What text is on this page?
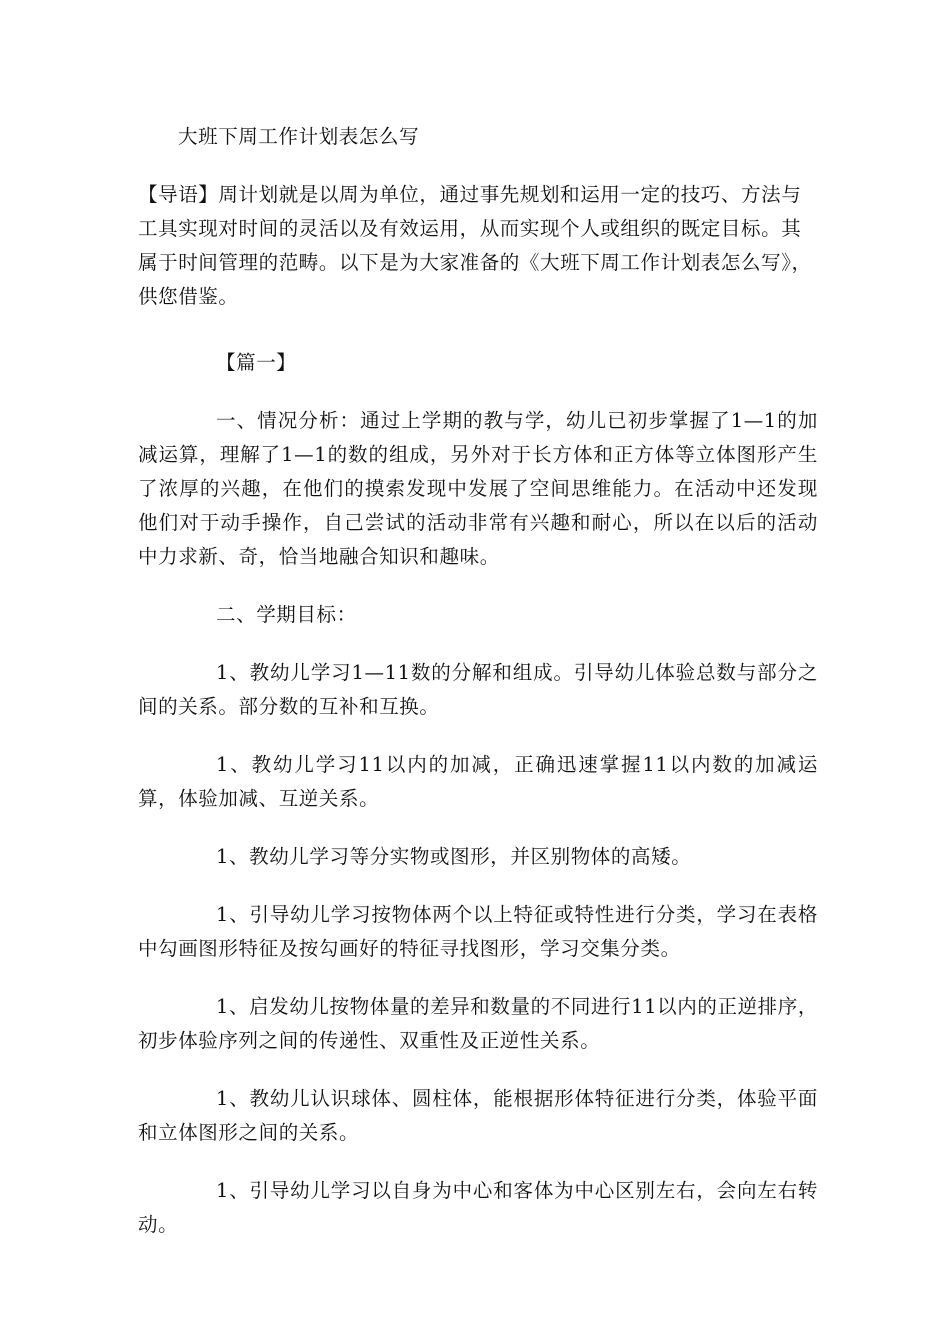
大班下周工作计划表怎么写

【导语】周计划就是以周为单位，通过事先规划和运用一定的技巧、方法与工具实现对时间的灵活以及有效运用，从而实现个人或组织的既定目标。其属于时间管理的范畴。以下是为大家准备的《大班下周工作计划表怎么写》，供您借鉴。

【篇一】

一、情况分析：通过上学期的教与学，幼儿已初步掌握了1—1的加减运算，理解了1—1的数的组成，另外对于长方体和正方体等立体图形产生了浓厚的兴趣，在他们的摸索发现中发展了空间思维能力。在活动中还发现他们对于动手操作，自己尝试的活动非常有兴趣和耐心，所以在以后的活动中力求新、奇，恰当地融合知识和趣味。

二、学期目标：

1、教幼儿学习1—11数的分解和组成。引导幼儿体验总数与部分之间的关系。部分数的互补和互换。

1、教幼儿学习11以内的加减，正确迅速掌握11以内数的加减运算，体验加减、互逆关系。

1、教幼儿学习等分实物或图形，并区别物体的高矮。

1、引导幼儿学习按物体两个以上特征或特性进行分类，学习在表格中勾画图形特征及按勾画好的特征寻找图形，学习交集分类。

1、启发幼儿按物体量的差异和数量的不同进行11以内的正逆排序，初步体验序列之间的传递性、双重性及正逆性关系。

1、教幼儿认识球体、圆柱体，能根据形体特征进行分类，体验平面和立体图形之间的关系。

1、引导幼儿学习以自身为中心和客体为中心区别左右，会向左右转动。
